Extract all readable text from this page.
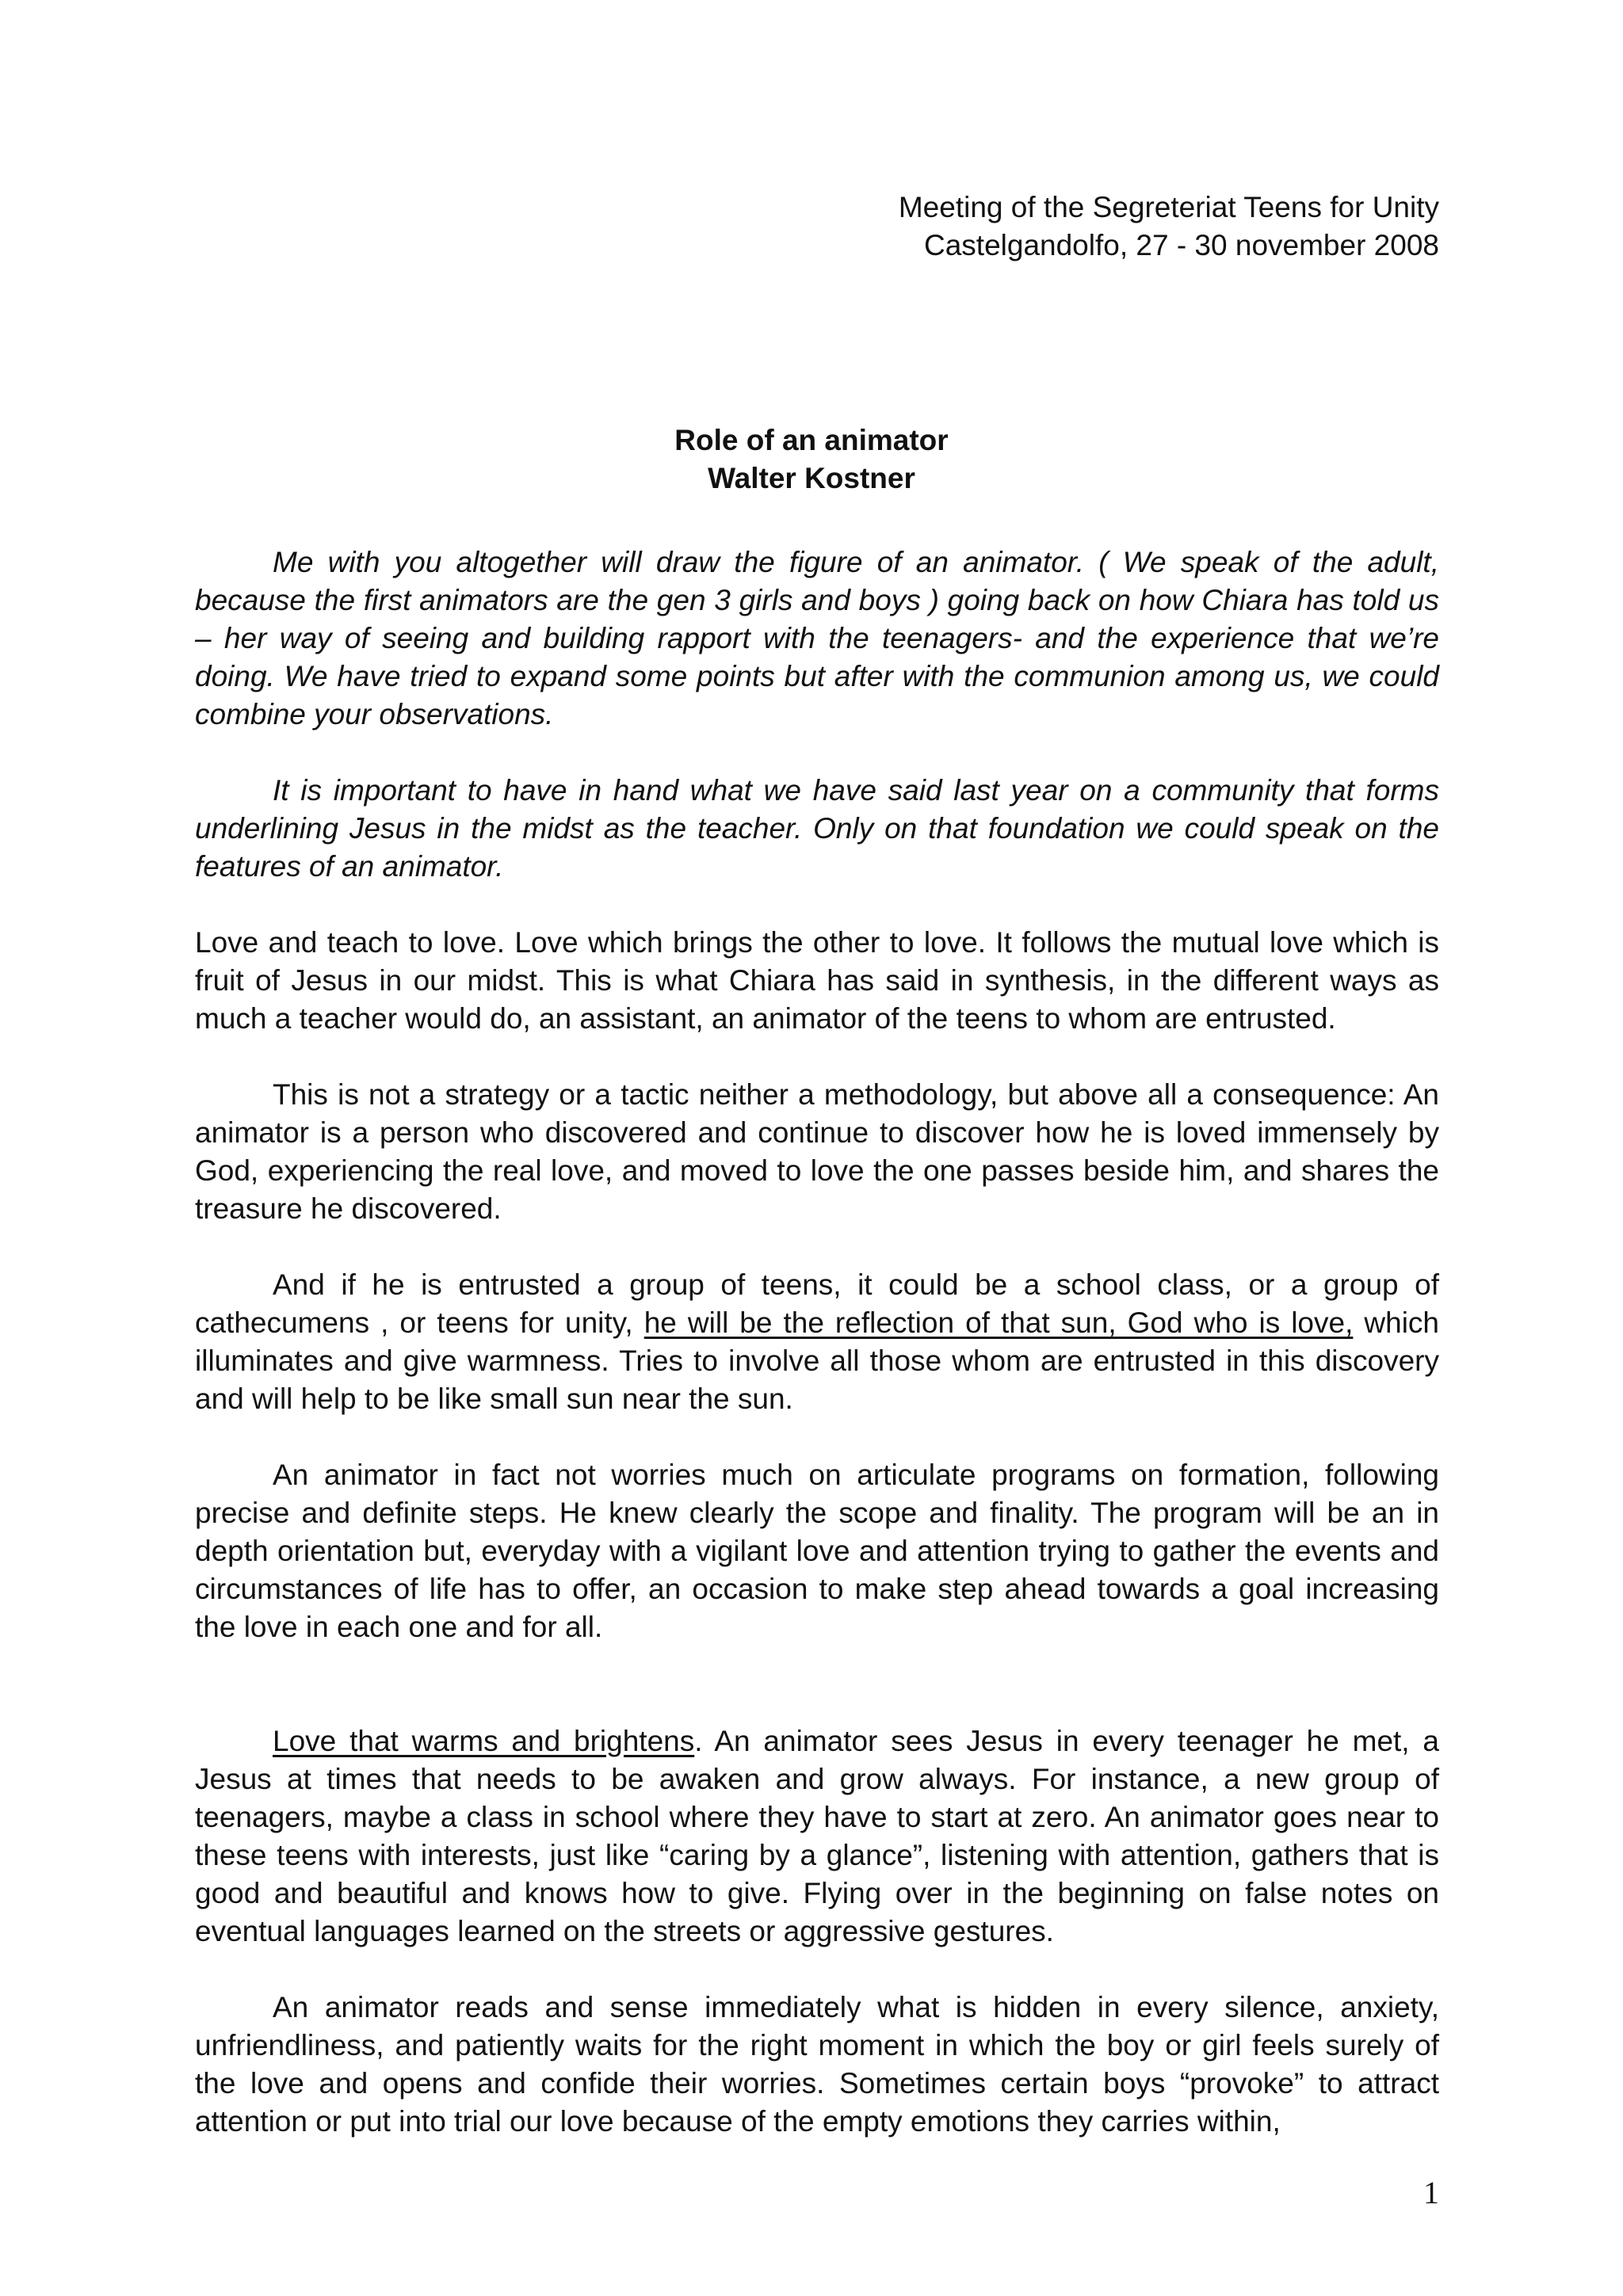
Meeting of the Segreteriat Teens for Unity
Castelgandolfo, 27 - 30 november 2008
Role of an animator
Walter Kostner

Me with you altogether will draw the figure of an animator. ( We speak of the adult, because the first animators are the gen 3 girls and boys ) going back on how Chiara has told us – her way of seeing and building rapport with the teenagers- and the experience that we’re doing. We have tried to expand some points but after with the communion among us, we could combine your observations.

It is important to have in hand what we have said last year on a community that forms underlining Jesus in the midst as the teacher. Only on that foundation we could speak on the features of an animator.

Love and teach to love. Love which brings the other to love. It follows the mutual love which is fruit of Jesus in our midst. This is what Chiara has said in synthesis, in the different ways as much a teacher would do, an assistant, an animator of the teens to whom are entrusted.

This is not a strategy or a tactic neither a methodology, but above all a consequence: An animator is a person who discovered and continue to discover how he is loved immensely by God, experiencing the real love, and moved to love the one passes beside him, and shares the treasure he discovered.

And if he is entrusted a group of teens, it could be a school class, or a group of cathecumens , or teens for unity, he will be the reflection of that sun, God who is love, which illuminates and give warmness. Tries to involve all those whom are entrusted in this discovery and will help to be like small sun near the sun.

An animator in fact not worries much on articulate programs on formation, following precise and definite steps. He knew clearly the scope and finality. The program will be an in depth orientation but, everyday with a vigilant love and attention trying to gather the events and circumstances of life has to offer, an occasion to make step ahead towards a goal increasing the love in each one and for all.

Love that warms and brightens. An animator sees Jesus in every teenager he met, a Jesus at times that needs to be awaken and grow always. For instance, a new group of teenagers, maybe a class in school where they have to start at zero. An animator goes near to these teens with interests, just like “caring by a glance”, listening with attention, gathers that is good and beautiful and knows how to give. Flying over in the beginning on false notes on eventual languages learned on the streets or aggressive gestures.

An animator reads and sense immediately what is hidden in every silence, anxiety, unfriendliness, and patiently waits for the right moment in which the boy or girl feels surely of the love and opens and confide their worries. Sometimes certain boys “provoke” to attract attention or put into trial our love because of the empty emotions they carries within,

1
